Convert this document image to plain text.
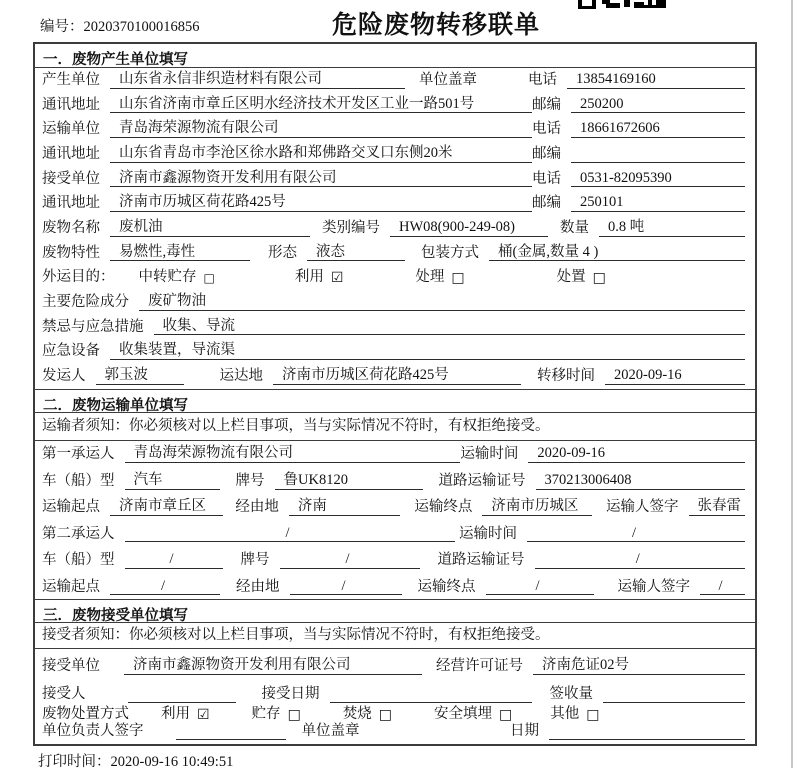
编号：2020370100016856	危险废物转移联单
一．废物产生单位填写
产生单位	山东省永信非织造材料有限公司	单位盖章	电话	13854169160
通讯地址	山东省济南市章丘区明水经济技术开发区工业一路501号	邮编	250200
运输单位	青岛海荣源物流有限公司	电话	18661672606
通讯地址	山东省青岛市李沧区徐水路和郑佛路交叉口东侧20米	邮编
接受单位	济南市鑫源物资开发利用有限公司	电话	0531-82095390
通讯地址	济南市历城区荷花路425号	邮编	250101
废物名称	废机油	类别编号	HW08(900-249-08)	数量	0.8 吨
废物特性	易燃性,毒性	形态	液态	包装方式	桶(金属,数量 4 )
外运目的： 中转贮存 □	利用 ☑	处理 □	处置 □
主要危险成分	废矿物油
禁忌与应急措施	收集、导流
应急设备	收集装置，导流渠
发运人	郭玉波	运达地	济南市历城区荷花路425号	转移时间	2020-09-16
二．废物运输单位填写
运输者须知：你必须核对以上栏目事项，当与实际情况不符时，有权拒绝接受。
第一承运人	青岛海荣源物流有限公司	运输时间	2020-09-16
车（船）型	汽车	牌号	鲁UK8120	道路运输证号	370213006408
运输起点	济南市章丘区	经由地	济南	运输终点	济南市历城区	运输人签字	张春雷
第二承运人	/	运输时间	/
车（船）型	/	牌号	/	道路运输证号	/
运输起点	/	经由地	/	运输终点	/	运输人签字	/
三．废物接受单位填写
接受者须知：你必须核对以上栏目事项，当与实际情况不符时，有权拒绝接受。
接受单位	济南市鑫源物资开发利用有限公司	经营许可证号	济南危证02号
接受人	接受日期	签收量
废物处置方式 利用 ☑	贮存 □	焚烧 □	安全填埋 □	其他 □
单位负责人签字	单位盖章	日期
打印时间：2020-09-16 10:49:51
